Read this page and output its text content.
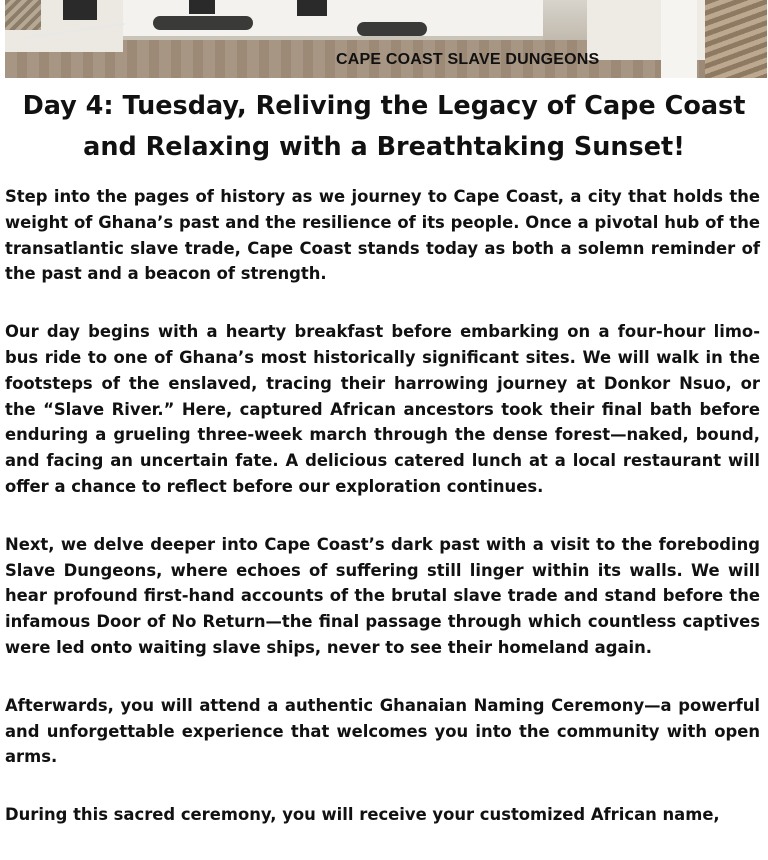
CAPE COAST SLAVE DUNGEONS
Day 4: Tuesday, Reliving the Legacy of Cape Coast and Relaxing with a Breathtaking Sunset!

Step into the pages of history as we journey to Cape Coast, a city that holds the weight of Ghana’s past and the resilience of its people. Once a pivotal hub of the transatlantic slave trade, Cape Coast stands today as both a solemn reminder of the past and a beacon of strength.

Our day begins with a hearty breakfast before embarking on a four-hour limo-bus ride to one of Ghana’s most historically significant sites. We will walk in the footsteps of the enslaved, tracing their harrowing journey at Donkor Nsuo, or the “Slave River.” Here, captured African ancestors took their final bath before enduring a grueling three-week march through the dense forest—naked, bound, and facing an uncertain fate. A delicious catered lunch at a local restaurant will offer a chance to reflect before our exploration continues.

Next, we delve deeper into Cape Coast’s dark past with a visit to the foreboding Slave Dungeons, where echoes of suffering still linger within its walls. We will hear profound first-hand accounts of the brutal slave trade and stand before the infamous Door of No Return—the final passage through which countless captives were led onto waiting slave ships, never to see their homeland again.

Afterwards, you will attend a authentic Ghanaian Naming Ceremony—a powerful and unforgettable experience that welcomes you into the community with open arms.

During this sacred ceremony, you will receive your customized African name,
